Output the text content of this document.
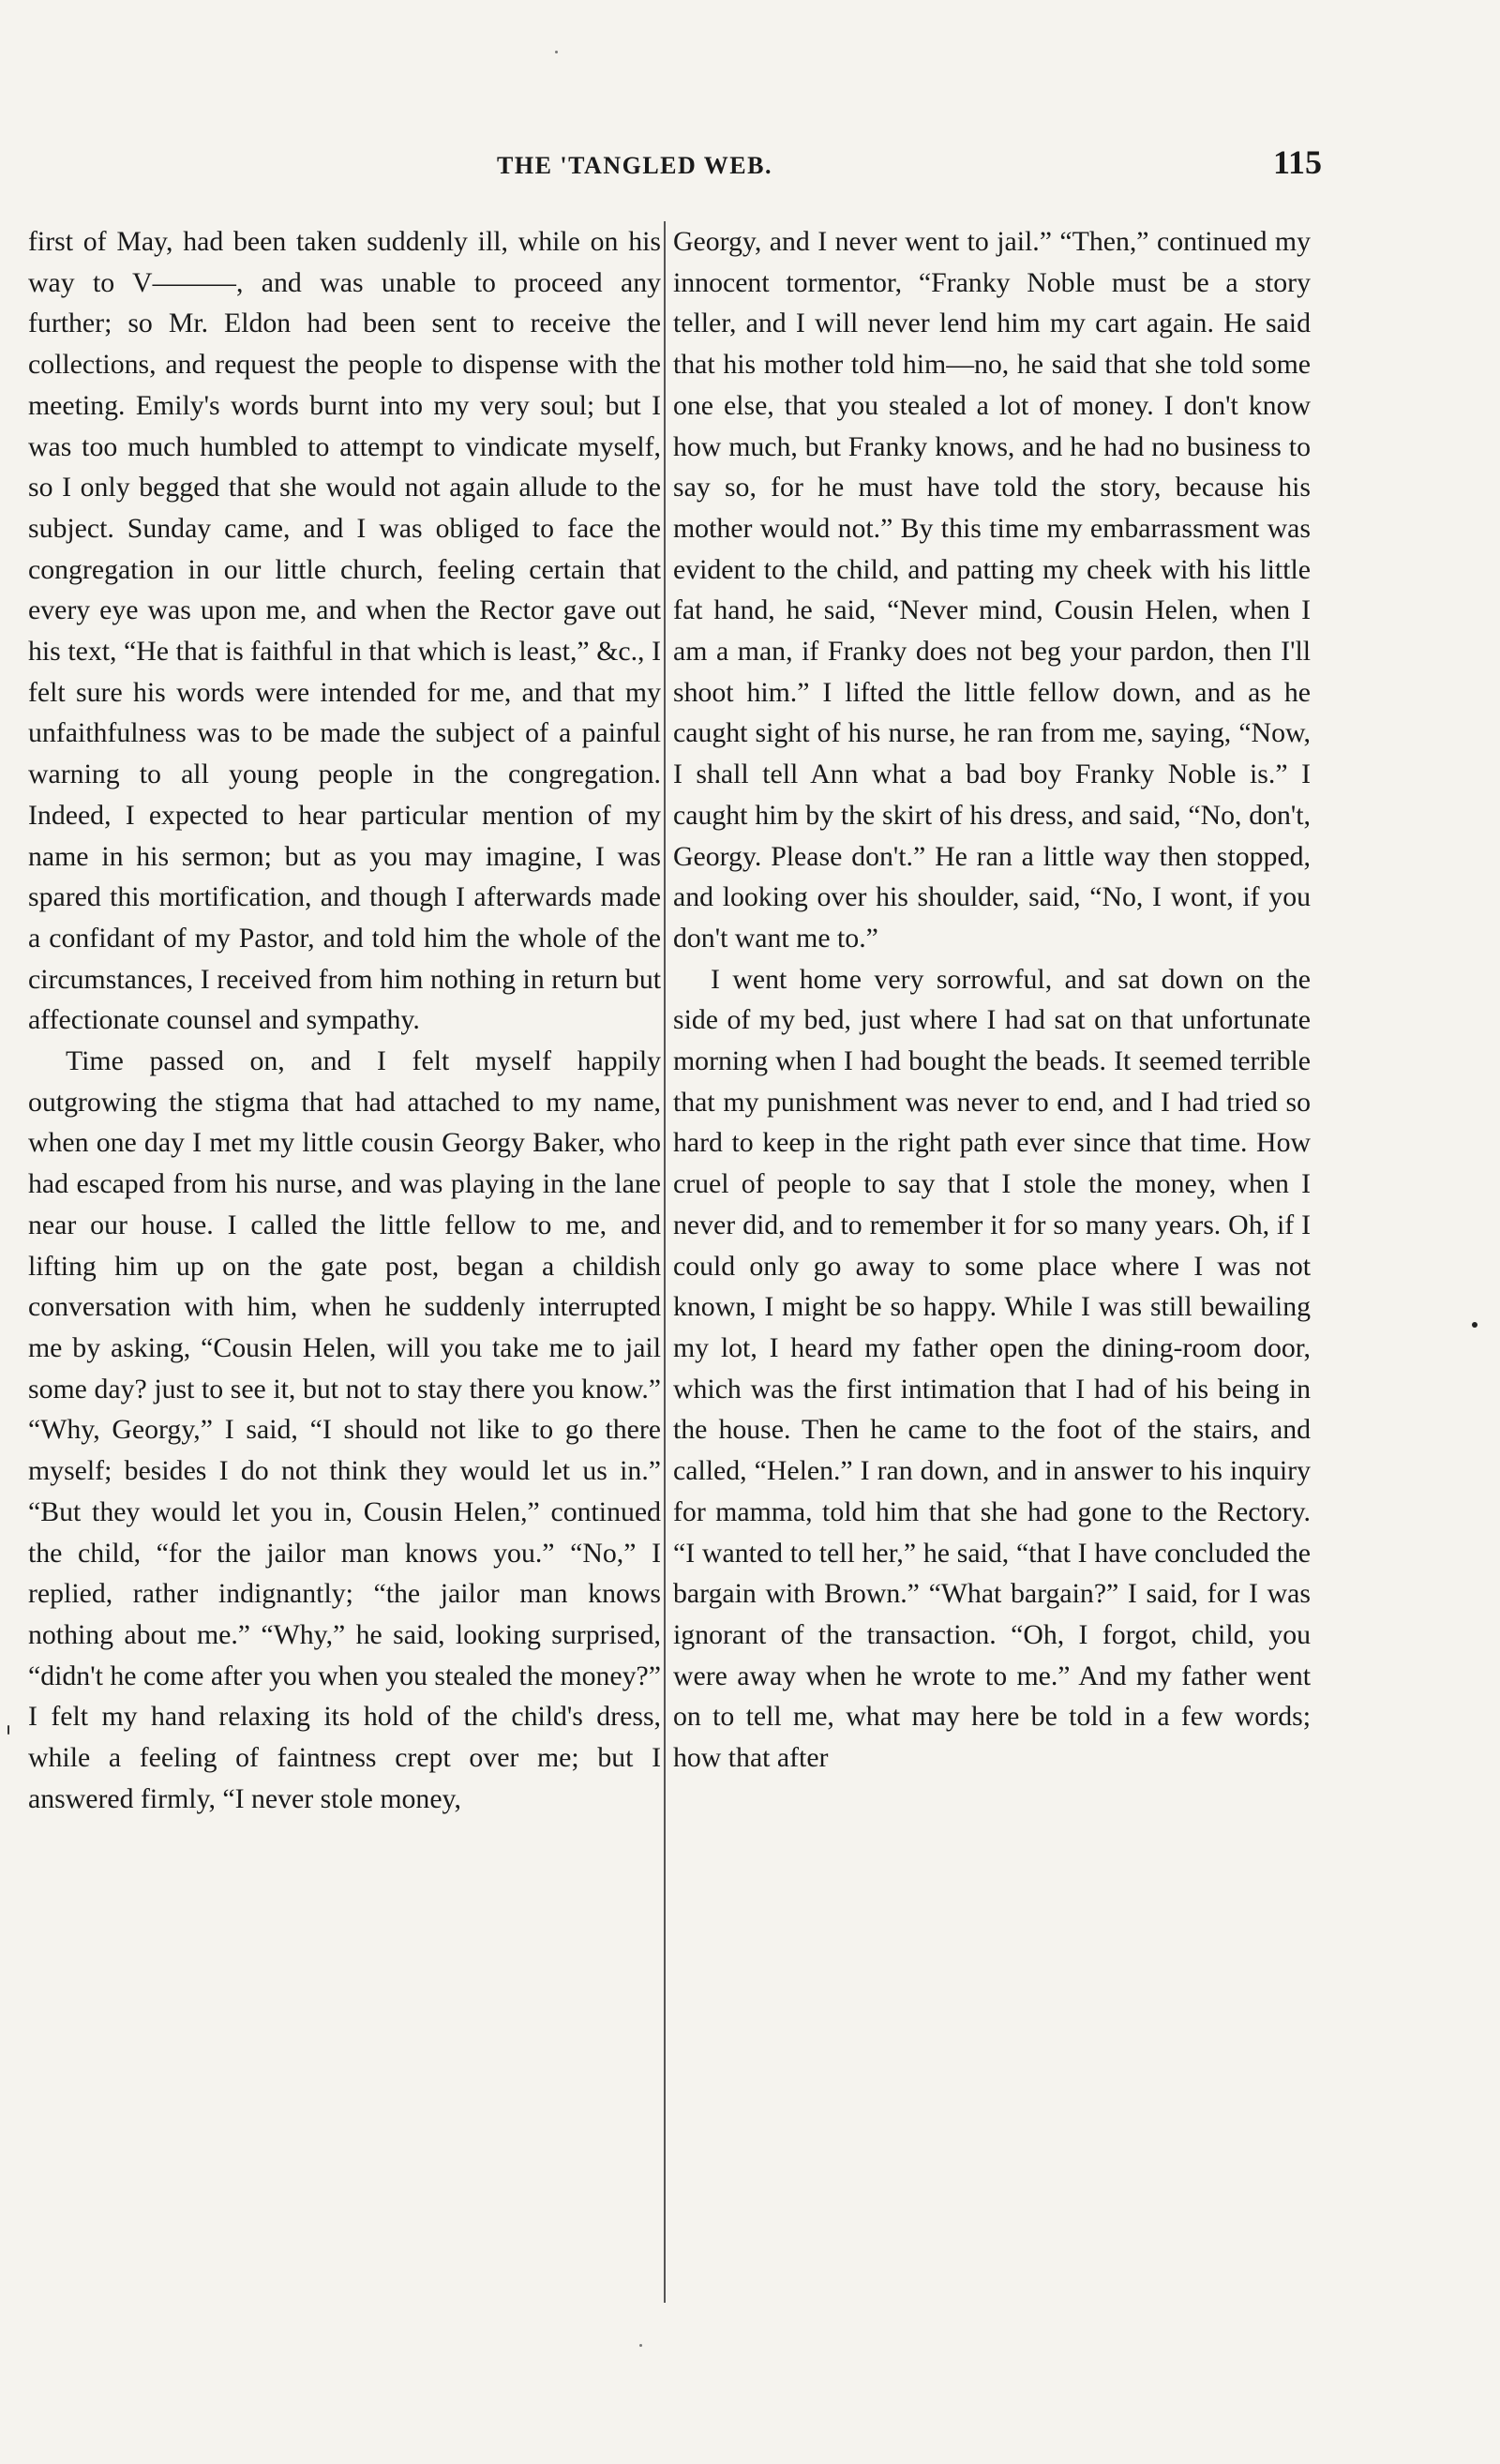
THE 'TANGLED WEB.	115

first of May, had been taken suddenly ill, while on his way to V———, and was unable to proceed any further; so Mr. Eldon had been sent to receive the collections, and request the people to dispense with the meeting. Emily's words burnt into my very soul; but I was too much humbled to attempt to vindicate myself, so I only begged that she would not again allude to the subject. Sunday came, and I was obliged to face the congregation in our little church, feeling certain that every eye was upon me, and when the Rector gave out his text, “He that is faithful in that which is least,” &c., I felt sure his words were intended for me, and that my unfaithfulness was to be made the subject of a painful warning to all young people in the congregation. Indeed, I expected to hear particular mention of my name in his sermon; but as you may imagine, I was spared this mortification, and though I afterwards made a confidant of my Pastor, and told him the whole of the circumstances, I received from him nothing in return but affectionate counsel and sympathy.

Time passed on, and I felt myself happily outgrowing the stigma that had attached to my name, when one day I met my little cousin Georgy Baker, who had escaped from his nurse, and was playing in the lane near our house. I called the little fellow to me, and lifting him up on the gate post, began a childish conversation with him, when he suddenly interrupted me by asking, “Cousin Helen, will you take me to jail some day? just to see it, but not to stay there you know.” “Why, Georgy,” I said, “I should not like to go there myself; besides I do not think they would let us in.” “But they would let you in, Cousin Helen,” continued the child, “for the jailor man knows you.” “No,” I replied, rather indignantly; “the jailor man knows nothing about me.” “Why,” he said, looking surprised, “didn't he come after you when you stealed the money?” I felt my hand relaxing its hold of the child's dress, while a feeling of faintness crept over me; but I answered firmly, “I never stole money,

Georgy, and I never went to jail.” “Then,” continued my innocent tormentor, “Franky Noble must be a story teller, and I will never lend him my cart again. He said that his mother told him—no, he said that she told some one else, that you stealed a lot of money. I don't know how much, but Franky knows, and he had no business to say so, for he must have told the story, because his mother would not.” By this time my embarrassment was evident to the child, and patting my cheek with his little fat hand, he said, “Never mind, Cousin Helen, when I am a man, if Franky does not beg your pardon, then I'll shoot him.” I lifted the little fellow down, and as he caught sight of his nurse, he ran from me, saying, “Now, I shall tell Ann what a bad boy Franky Noble is.” I caught him by the skirt of his dress, and said, “No, don't, Georgy. Please don't.” He ran a little way then stopped, and looking over his shoulder, said, “No, I wont, if you don't want me to.”

I went home very sorrowful, and sat down on the side of my bed, just where I had sat on that unfortunate morning when I had bought the beads. It seemed terrible that my punishment was never to end, and I had tried so hard to keep in the right path ever since that time. How cruel of people to say that I stole the money, when I never did, and to remember it for so many years. Oh, if I could only go away to some place where I was not known, I might be so happy. While I was still bewailing my lot, I heard my father open the dining-room door, which was the first intimation that I had of his being in the house. Then he came to the foot of the stairs, and called, “Helen.” I ran down, and in answer to his inquiry for mamma, told him that she had gone to the Rectory. “I wanted to tell her,” he said, “that I have concluded the bargain with Brown.” “What bargain?” I said, for I was ignorant of the transaction. “Oh, I forgot, child, you were away when he wrote to me.” And my father went on to tell me, what may here be told in a few words; how that after
